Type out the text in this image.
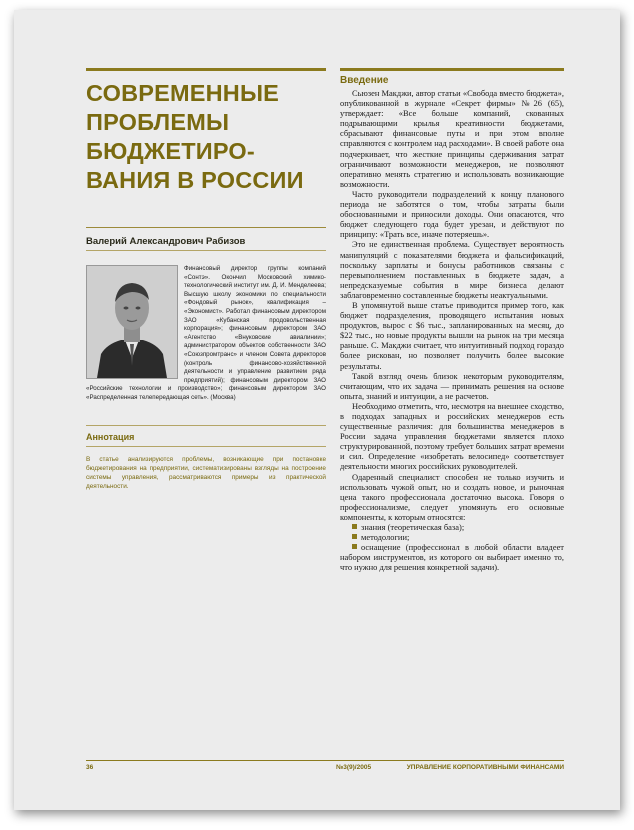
СОВРЕМЕННЫЕ
ПРОБЛЕМЫ
БЮДЖЕТИРО-
ВАНИЯ В РОССИИ
Валерий Александрович Рабизов
Финансовый директор группы компаний «Сонтэ». Окончил Московский химико-технологический институт им. Д. И. Менделеева; Высшую школу экономики по специальности «Фондовый рынок», квалификация – «Экономист». Работал финансовым директором ЗАО «Кубанская продовольственная корпорация»; финансовым директором ЗАО «Агентство «Внуковские авиалинии»; администратором объектов собственности ЗАО «Союзпромтранс» и членом Совета директоров (контроль финансово-хозяйственной деятельности и управление развитием ряда предприятий); финансовым директором ЗАО «Российские технологии и производство»; финансовым директором ЗАО «Распределенная телепередающая сеть». (Москва)
Аннотация
В статье анализируются проблемы, возникающие при постановке бюджетирования на предприятии, систематизированы взгляды на построение системы управления, рассматриваются примеры из практической деятельности.
Введение

Сьюзен Макджи, автор статьи «Свобода вместо бюджета», опубликованной в журнале «Секрет фирмы» №26 (65), утверждает: «Все больше компаний, скованных подрывающими крылья креативности бюджетами, сбрасывают финансовые путы и при этом вполне справляются с контролем над расходами». В своей работе она подчеркивает, что жесткие принципы сдерживания затрат ограничивают возможности менеджеров, не позволяют оперативно менять стратегию и использовать возникающие возможности.

Часто руководители подразделений к концу планового периода не заботятся о том, чтобы затраты были обоснованными и приносили доходы. Они опасаются, что бюджет следующего года будет урезан, и действуют по принципу: «Трать все, иначе потеряешь».

Это не единственная проблема. Существует вероятность манипуляций с показателями бюджета и фальсификаций, поскольку зарплаты и бонусы работников связаны с перевыполнением поставленных в бюджете задач, а непредсказуемые события в мире бизнеса делают заблаговременно составленные бюджеты неактуальными.

В упомянутой выше статье приводится пример того, как бюджет подразделения, проводящего испытания новых продуктов, вырос с $6 тыс., запланированных на месяц, до $22 тыс., но новые продукты вышли на рынок на три месяца раньше. С. Макджи считает, что интуитивный подход гораздо более рискован, но позволяет получить более высокие результаты.

Такой взгляд очень близок некоторым руководителям, считающим, что их задача — принимать решения на основе опыта, знаний и интуиции, а не расчетов.

Необходимо отметить, что, несмотря на внешнее сходство, в подходах западных и российских менеджеров есть существенные различия: для большинства менеджеров в России задача управления бюджетами является плохо структурированной, поэтому требует больших затрат времени и сил. Определение «изобретать велосипед» соответствует деятельности многих российских руководителей.

Одаренный специалист способен не только изучить и использовать чужой опыт, но и создать новое, и рыночная цена такого профессионала достаточно высока. Говоря о профессионализме, следует упомянуть его основные компоненты, к которым относятся:

знания (теоретическая база);

методологии;

оснащение (профессионал в любой области владеет набором инструментов, из которого он выбирает именно то, что нужно для решения конкретной задачи).

36	№3(9)/2005	УПРАВЛЕНИЕ КОРПОРАТИВНЫМИ ФИНАНСАМИ
